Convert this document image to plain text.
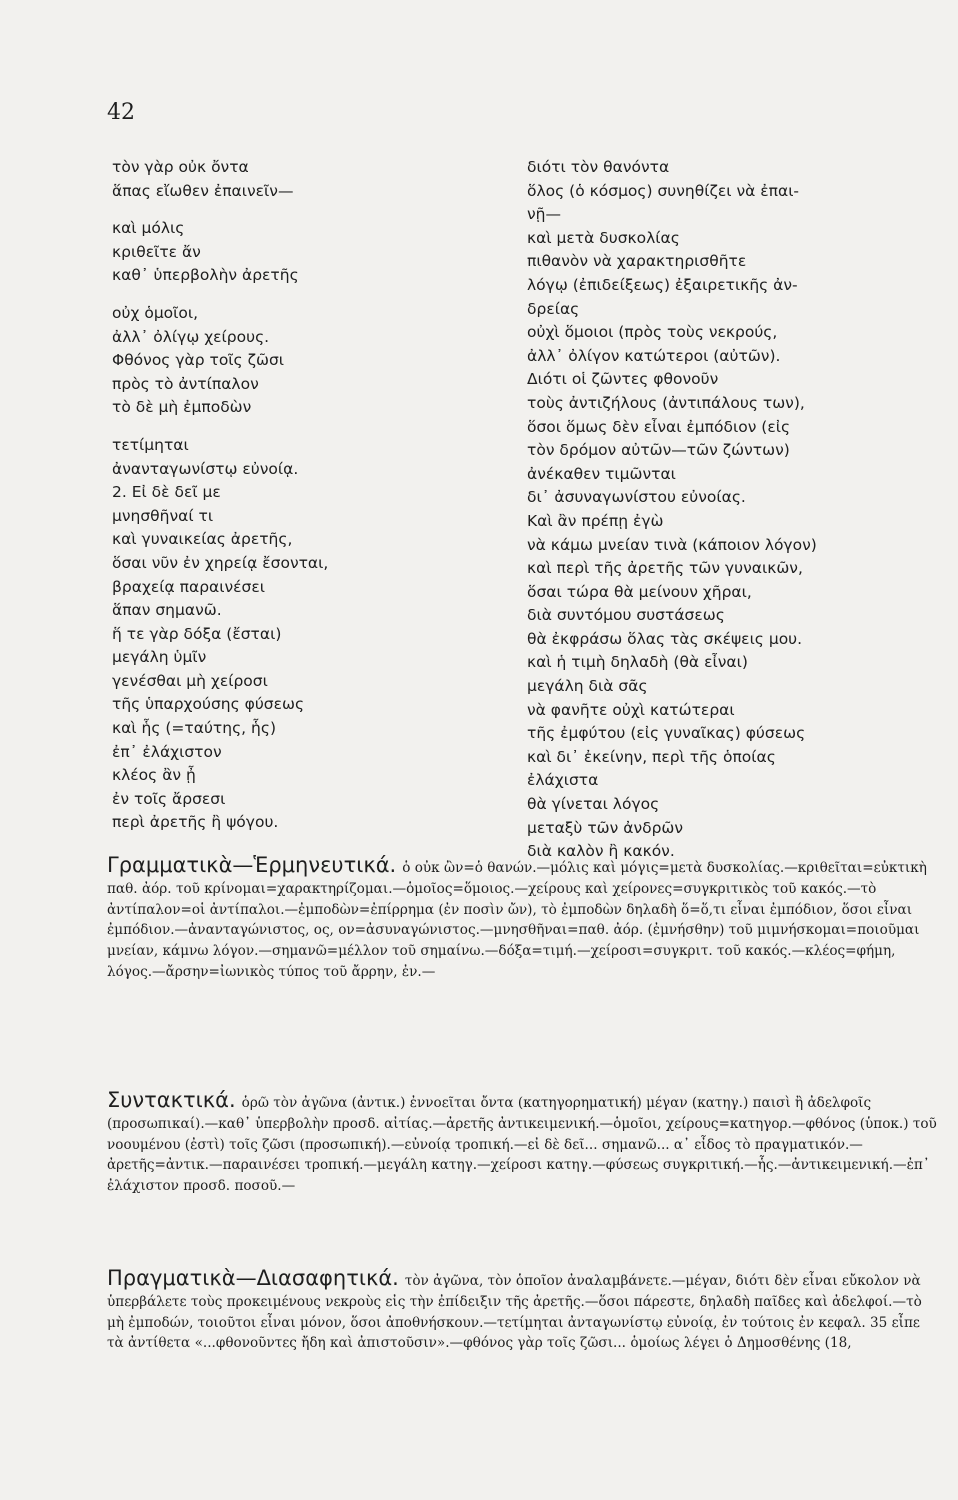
42
τὸν γὰρ οὐκ ὄντα
ἅπας εἴωθεν ἐπαινεῖν—
καὶ μόλις
κριθεῖτε ἄν
καθ᾽ ὑπερβολὴν ἀρετῆς
οὐχ ὁμοῖοι,
ἀλλ᾽ ὀλίγῳ χείρους.
Φθόνος γὰρ τοῖς ζῶσι
πρὸς τὸ ἀντίπαλον
τὸ δὲ μὴ ἐμποδὼν
τετίμηται
ἀνανταγωνίστῳ εὐνοίᾳ.
2. Εἰ δὲ δεῖ με
μνησθῆναί τι
καὶ γυναικείας ἀρετῆς,
ὅσαι νῦν ἐν χηρείᾳ ἔσονται,
βραχείᾳ παραινέσει
ἅπαν σημανῶ.
ἥ τε γὰρ δόξα (ἔσται)
μεγάλη ὑμῖν
γενέσθαι μὴ χείροσι
τῆς ὑπαρχούσης φύσεως
καὶ ἧς (=ταύτης, ἧς)
ἐπ᾽ ἐλάχιστον
κλέος ἂν ᾖ
ἐν τοῖς ἄρσεσι
περὶ ἀρετῆς ἢ ψόγου.
διότι τὸν θανόντα
ὅλος (ὁ κόσμος) συνηθίζει νὰ ἐπαι-
νῇ—
καὶ μετὰ δυσκολίας
πιθανὸν νὰ χαρακτηρισθῆτε
λόγῳ (ἐπιδείξεως) ἐξαιρετικῆς ἀν-
δρείας
οὐχὶ ὅμοιοι (πρὸς τοὺς νεκρούς,
ἀλλ᾽ ὀλίγον κατώτεροι (αὐτῶν).
Διότι οἱ ζῶντες φθονοῦν
τοὺς ἀντιζήλους (ἀντιπάλους των),
ὅσοι ὅμως δὲν εἶναι ἐμπόδιον (εἰς
τὸν δρόμον αὐτῶν—τῶν ζώντων)
ἀνέκαθεν τιμῶνται
δι᾽ ἀσυναγωνίστου εὐνοίας.
Καὶ ἂν πρέπῃ ἐγὼ
νὰ κάμω μνείαν τινὰ (κάποιον λόγον)
καὶ περὶ τῆς ἀρετῆς τῶν γυναικῶν,
ὅσαι τώρα θὰ μείνουν χῆραι,
διὰ συντόμου συστάσεως
θὰ ἐκφράσω ὅλας τὰς σκέψεις μου.
καὶ ἡ τιμὴ δηλαδὴ (θὰ εἶναι)
μεγάλη διὰ σᾶς
νὰ φανῆτε οὐχὶ κατώτεραι
τῆς ἐμφύτου (εἰς γυναῖκας) φύσεως
καὶ δι᾽ ἐκείνην, περὶ τῆς ὁποίας
ἐλάχιστα
θὰ γίνεται λόγος
μεταξὺ τῶν ἀνδρῶν
διὰ καλὸν ἢ κακόν.

Γραμματικὰ—Ἑρμηνευτικά. ὁ οὐκ ὢν=ὁ θανών.—μόλις καὶ μόγις=μετὰ δυσκολίας.—κριθεῖται=εὐκτικὴ παθ. ἀόρ. τοῦ κρίνομαι=χαρακτηρίζομαι.—ὁμοῖος=ὅμοιος.—χείρους καὶ χείρονες=συγκριτικὸς τοῦ κακός.—τὸ ἀντίπαλον=οἱ ἀντίπαλοι.—ἐμποδὼν=ἐπίρρημα (ἐν ποσὶν ὤν), τὸ ἐμποδὼν δηλαδὴ ὅ=ὅ,τι εἶναι ἐμπόδιον, ὅσοι εἶναι ἐμπόδιον.—ἀνανταγώνιστος, ος, ον=ἀσυναγώνιστος.—μνησθῆναι=παθ. ἀόρ. (ἐμνήσθην) τοῦ μιμνήσκομαι=ποιοῦμαι μνείαν, κάμνω λόγον.—σημανῶ=μέλλον τοῦ σημαίνω.—δόξα=τιμή.—χείροσι=συγκριτ. τοῦ κακός.—κλέος=φήμη, λόγος.—ἄρσην=ἰωνικὸς τύπος τοῦ ἄρρην, ἐν.—

Συντακτικά. ὁρῶ τὸν ἀγῶνα (ἀντικ.) ἐννοεῖται ὄντα (κατηγορηματική) μέγαν (κατηγ.) παισὶ ἢ ἀδελφοῖς (προσωπικαί).—καθ᾽ ὑπερβολὴν προσδ. αἰτίας.—ἀρετῆς ἀντικειμενική.—ὁμοῖοι, χείρους=κατηγορ.—φθόνος (ὑποκ.) τοῦ νοουμένου (ἐστὶ) τοῖς ζῶσι (προσωπική).—εὐνοίᾳ τροπική.—εἰ δὲ δεῖ... σημανῶ... α᾽ εἶδος τὸ πραγματικόν.—ἀρετῆς=ἀντικ.—παραινέσει τροπική.—μεγάλη κατηγ.—χείροσι κατηγ.—φύσεως συγκριτική.—ἧς.—ἀντικειμενική.—ἐπ᾽ ἐλάχιστον προσδ. ποσοῦ.—

Πραγματικὰ—Διασαφητικά. τὸν ἀγῶνα, τὸν ὁποῖον ἀναλαμβάνετε.—μέγαν, διότι δὲν εἶναι εὔκολον νὰ ὑπερβάλετε τοὺς προκειμένους νεκροὺς εἰς τὴν ἐπίδειξιν τῆς ἀρετῆς.—ὅσοι πάρεστε, δηλαδὴ παῖδες καὶ ἀδελφοί.—τὸ μὴ ἐμποδών, τοιοῦτοι εἶναι μόνον, ὅσοι ἀποθνήσκουν.—τετίμηται ἀνταγωνίστῳ εὐνοίᾳ, ἐν τούτοις ἐν κεφαλ. 35 εἶπε τὰ ἀντίθετα «...φθονοῦντες ἤδη καὶ ἀπιστοῦσιν».—φθόνος γὰρ τοῖς ζῶσι... ὁμοίως λέγει ὁ Δημοσθένης (18,
